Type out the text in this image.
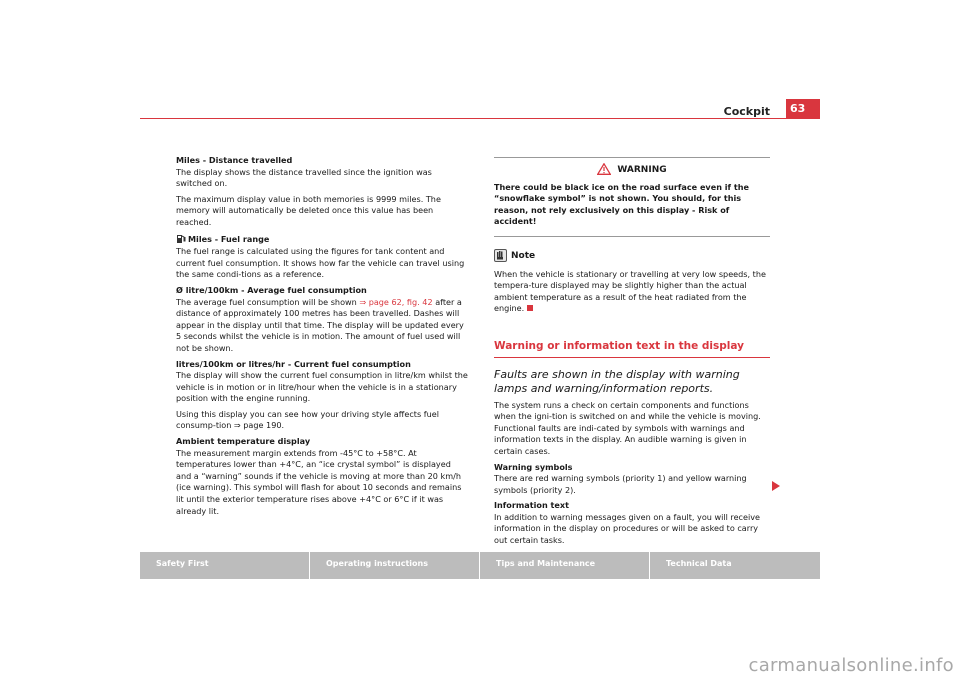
Cockpit	63

Miles - Distance travelled

The display shows the distance travelled since the ignition was switched on.

The maximum display value in both memories is 9999 miles. The memory will automatically be deleted once this value has been reached.

Miles - Fuel range

The fuel range is calculated using the figures for tank content and current fuel consumption. It shows how far the vehicle can travel using the same condi-tions as a reference.

Ø litre/100km - Average fuel consumption

The average fuel consumption will be shown ⇒ page 62, fig. 42 after a distance of approximately 100 metres has been travelled. Dashes will appear in the display until that time. The display will be updated every 5 seconds whilst the vehicle is in motion. The amount of fuel used will not be shown.

litres/100km or litres/hr - Current fuel consumption

The display will show the current fuel consumption in litre/km whilst the vehicle is in motion or in litre/hour when the vehicle is in a stationary position with the engine running.

Using this display you can see how your driving style affects fuel consump-tion ⇒ page 190.

Ambient temperature display

The measurement margin extends from -45°C to +58°C. At temperatures lower than +4°C, an “ice crystal symbol” is displayed and a “warning” sounds if the vehicle is moving at more than 20 km/h (ice warning). This symbol will flash for about 10 seconds and remains lit until the exterior temperature rises above +4°C or 6°C if it was already lit.

WARNING

There could be black ice on the road surface even if the “snowflake symbol” is not shown. You should, for this reason, not rely exclusively on this display - Risk of accident!

Note

When the vehicle is stationary or travelling at very low speeds, the tempera-ture displayed may be slightly higher than the actual ambient temperature as a result of the heat radiated from the engine.

Warning or information text in the display

Faults are shown in the display with warning lamps and warning/information reports.

The system runs a check on certain components and functions when the igni-tion is switched on and while the vehicle is moving. Functional faults are indi-cated by symbols with warnings and information texts in the display. An audible warning is given in certain cases.

Warning symbols

There are red warning symbols (priority 1) and yellow warning symbols (priority 2).

Information text

In addition to warning messages given on a fault, you will receive information in the display on procedures or will be asked to carry out certain tasks.

Safety First	Operating instructions	Tips and Maintenance	Technical Data
carmanualsonline.info
